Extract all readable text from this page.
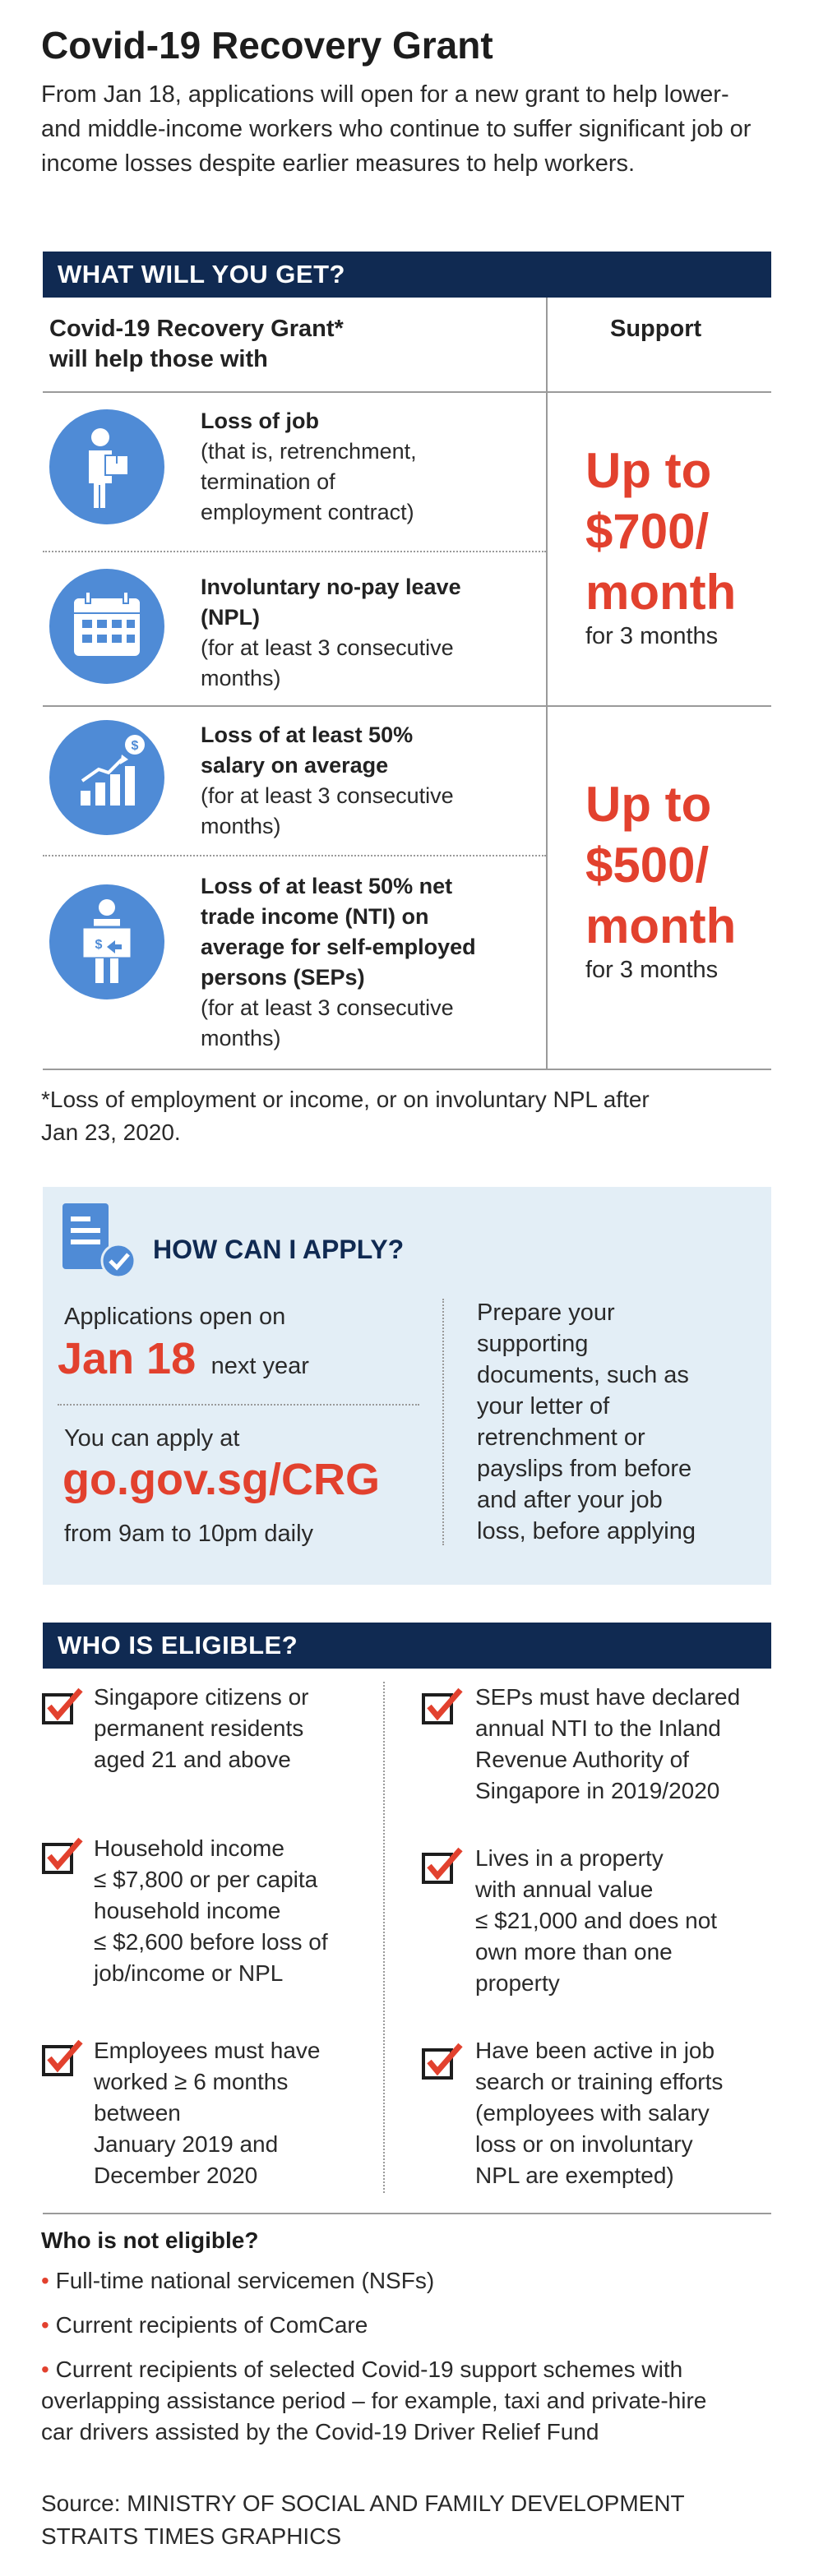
Covid-19 Recovery Grant
From Jan 18, applications will open for a new grant to help lower- and middle-income workers who continue to suffer significant job or income losses despite earlier measures to help workers.
WHAT WILL YOU GET?
Covid-19 Recovery Grant*
will help those with
Support
Loss of job
(that is, retrenchment,
termination of
employment contract)
Involuntary no-pay leave
(NPL)
(for at least 3 consecutive
months)
$	Loss of at least 50%
salary on average
(for at least 3 consecutive
months)
$
Loss of at least 50% net
trade income (NTI) on
average for self-employed
persons (SEPs)
(for at least 3 consecutive
months)
Up to
$700/
month
for 3 months
Up to
$500/
month
for 3 months
*Loss of employment or income, or on involuntary NPL after
Jan 23, 2020.
HOW CAN I APPLY?
Applications open on
Jan 18 next year
You can apply at
go.gov.sg/CRG
from 9am to 10pm daily
Prepare your
supporting
documents, such as
your letter of
retrenchment or
payslips from before
and after your job
loss, before applying
WHO IS ELIGIBLE?
Singapore citizens or
permanent residents
aged 21 and above
Household income
≤ $7,800 or per capita
household income
≤ $2,600 before loss of
job/income or NPL
Employees must have
worked ≥ 6 months
between
January 2019 and
December 2020
SEPs must have declared
annual NTI to the Inland
Revenue Authority of
Singapore in 2019/2020
Lives in a property
with annual value
≤ $21,000 and does not
own more than one
property
Have been active in job
search or training efforts
(employees with salary
loss or on involuntary
NPL are exempted)
Who is not eligible?
• Full-time national servicemen (NSFs)
• Current recipients of ComCare
• Current recipients of selected Covid-19 support schemes with
overlapping assistance period – for example, taxi and private-hire
car drivers assisted by the Covid-19 Driver Relief Fund
Source: MINISTRY OF SOCIAL AND FAMILY DEVELOPMENT
STRAITS TIMES GRAPHICS
